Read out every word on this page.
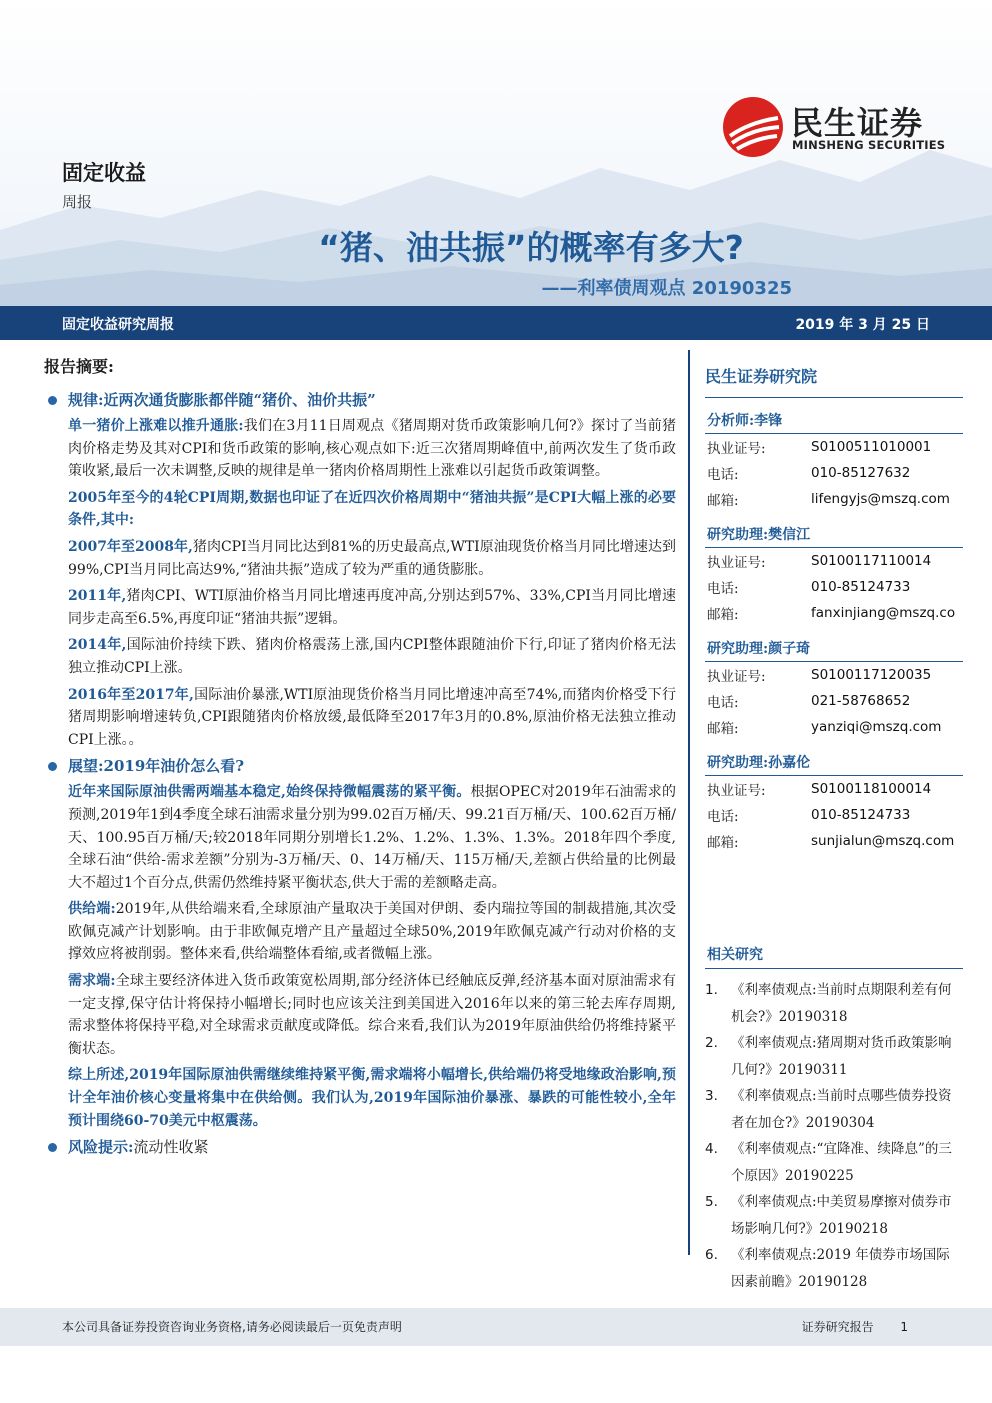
民生证券
MINSHENG SECURITIES
固定收益
周报
“猪、油共振”的概率有多大?
——利率债周观点 20190325
固定收益研究周报	2019 年 3 月 25 日
报告摘要:
规律:近两次通货膨胀都伴随“猪价、油价共振”

单一猪价上涨难以推升通胀:我们在3月11日周观点《猪周期对货币政策影响几何?》探讨了当前猪肉价格走势及其对CPI和货币政策的影响,核心观点如下:近三次猪周期峰值中,前两次发生了货币政策收紧,最后一次未调整,反映的规律是单一猪肉价格周期性上涨难以引起货币政策调整。

2005年至今的4轮CPI周期,数据也印证了在近四次价格周期中“猪油共振”是CPI大幅上涨的必要条件,其中:

2007年至2008年,猪肉CPI当月同比达到81%的历史最高点,WTI原油现货价格当月同比增速达到99%,CPI当月同比高达9%,“猪油共振”造成了较为严重的通货膨胀。

2011年,猪肉CPI、WTI原油价格当月同比增速再度冲高,分别达到57%、33%,CPI当月同比增速同步走高至6.5%,再度印证“猪油共振”逻辑。

2014年,国际油价持续下跌、猪肉价格震荡上涨,国内CPI整体跟随油价下行,印证了猪肉价格无法独立推动CPI上涨。

2016年至2017年,国际油价暴涨,WTI原油现货价格当月同比增速冲高至74%,而猪肉价格受下行猪周期影响增速转负,CPI跟随猪肉价格放缓,最低降至2017年3月的0.8%,原油价格无法独立推动CPI上涨。。

展望:2019年油价怎么看?

近年来国际原油供需两端基本稳定,始终保持微幅震荡的紧平衡。根据OPEC对2019年石油需求的预测,2019年1到4季度全球石油需求量分别为99.02百万桶/天、99.21百万桶/天、100.62百万桶/天、100.95百万桶/天;较2018年同期分别增长1.2%、1.2%、1.3%、1.3%。2018年四个季度,全球石油“供给-需求差额”分别为-3万桶/天、0、14万桶/天、115万桶/天,差额占供给量的比例最大不超过1个百分点,供需仍然维持紧平衡状态,供大于需的差额略走高。

供给端:2019年,从供给端来看,全球原油产量取决于美国对伊朗、委内瑞拉等国的制裁措施,其次受欧佩克减产计划影响。由于非欧佩克增产且产量超过全球50%,2019年欧佩克减产行动对价格的支撑效应将被削弱。整体来看,供给端整体看缩,或者微幅上涨。

需求端:全球主要经济体进入货币政策宽松周期,部分经济体已经触底反弹,经济基本面对原油需求有一定支撑,保守估计将保持小幅增长;同时也应该关注到美国进入2016年以来的第三轮去库存周期,需求整体将保持平稳,对全球需求贡献度或降低。综合来看,我们认为2019年原油供给仍将维持紧平衡状态。

综上所述,2019年国际原油供需继续维持紧平衡,需求端将小幅增长,供给端仍将受地缘政治影响,预计全年油价核心变量将集中在供给侧。我们认为,2019年国际油价暴涨、暴跌的可能性较小,全年预计围绕60-70美元中枢震荡。

风险提示:流动性收紧
民生证券研究院
分析师:李锋
执业证号:	S0100511010001
电话:	010-85127632
邮箱:	lifengyjs@mszq.com
研究助理:樊信江
执业证号:	S0100117110014
电话:	010-85124733
邮箱:	fanxinjiang@mszq.co
研究助理:颜子琦
执业证号:	S0100117120035
电话:	021-58768652
邮箱:	yanziqi@mszq.com
研究助理:孙嘉伦
执业证号:	S0100118100014
电话:	010-85124733
邮箱:	sunjialun@mszq.com
相关研究
1. 《利率债观点:当前时点期限利差有何机会?》20190318
2. 《利率债观点:猪周期对货币政策影响几何?》20190311
3. 《利率债观点:当前时点哪些债券投资者在加仓?》20190304
4. 《利率债观点:“宜降准、续降息”的三个原因》20190225
5. 《利率债观点:中美贸易摩擦对债券市场影响几何?》20190218
6. 《利率债观点:2019 年债券市场国际因素前瞻》20190128
本公司具备证券投资咨询业务资格,请务必阅读最后一页免责声明	证券研究报告 1
